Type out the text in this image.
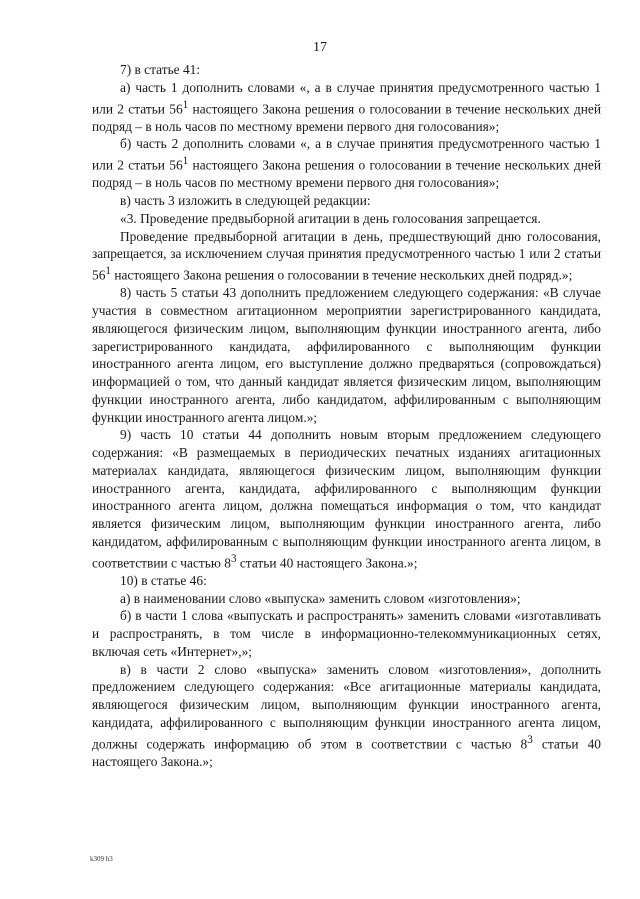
17

7) в статье 41:

а) часть 1 дополнить словами «, а в случае принятия предусмотренного частью 1 или 2 статьи $56^1$ настоящего Закона решения о голосовании в течение нескольких дней подряд – в ноль часов по местному времени первого дня голосования»;

б) часть 2 дополнить словами «, а в случае принятия предусмотренного частью 1 или 2 статьи $56^1$ настоящего Закона решения о голосовании в течение нескольких дней подряд – в ноль часов по местному времени первого дня голосования»;

в) часть 3 изложить в следующей редакции:

«3. Проведение предвыборной агитации в день голосования запрещается.

Проведение предвыборной агитации в день, предшествующий дню голосования, запрещается, за исключением случая принятия предусмотренного частью 1 или 2 статьи $56^1$ настоящего Закона решения о голосовании в течение нескольких дней подряд.»;

8) часть 5 статьи 43 дополнить предложением следующего содержания: «В случае участия в совместном агитационном мероприятии зарегистрированного кандидата, являющегося физическим лицом, выполняющим функции иностранного агента, либо зарегистрированного кандидата, аффилированного с выполняющим функции иностранного агента лицом, его выступление должно предваряться (сопровождаться) информацией о том, что данный кандидат является физическим лицом, выполняющим функции иностранного агента, либо кандидатом, аффилированным с выполняющим функции иностранного агента лицом.»;

9) часть 10 статьи 44 дополнить новым вторым предложением следующего содержания: «В размещаемых в периодических печатных изданиях агитационных материалах кандидата, являющегося физическим лицом, выполняющим функции иностранного агента, кандидата, аффилированного с выполняющим функции иностранного агента лицом, должна помещаться информация о том, что кандидат является физическим лицом, выполняющим функции иностранного агента, либо кандидатом, аффилированным с выполняющим функции иностранного агента лицом, в соответствии с частью $8^3$ статьи 40 настоящего Закона.»;

10) в статье 46:

а) в наименовании слово «выпуска» заменить словом «изготовления»;

б) в части 1 слова «выпускать и распространять» заменить словами «изготавливать и распространять, в том числе в информационно-телекоммуникационных сетях, включая сеть «Интернет»,»;

в) в части 2 слово «выпуска» заменить словом «изготовления», дополнить предложением следующего содержания: «Все агитационные материалы кандидата, являющегося физическим лицом, выполняющим функции иностранного агента, кандидата, аффилированного с выполняющим функции иностранного агента лицом, должны содержать информацию об этом в соответствии с частью $8^3$ статьи 40 настоящего Закона.»;

k309 h3
